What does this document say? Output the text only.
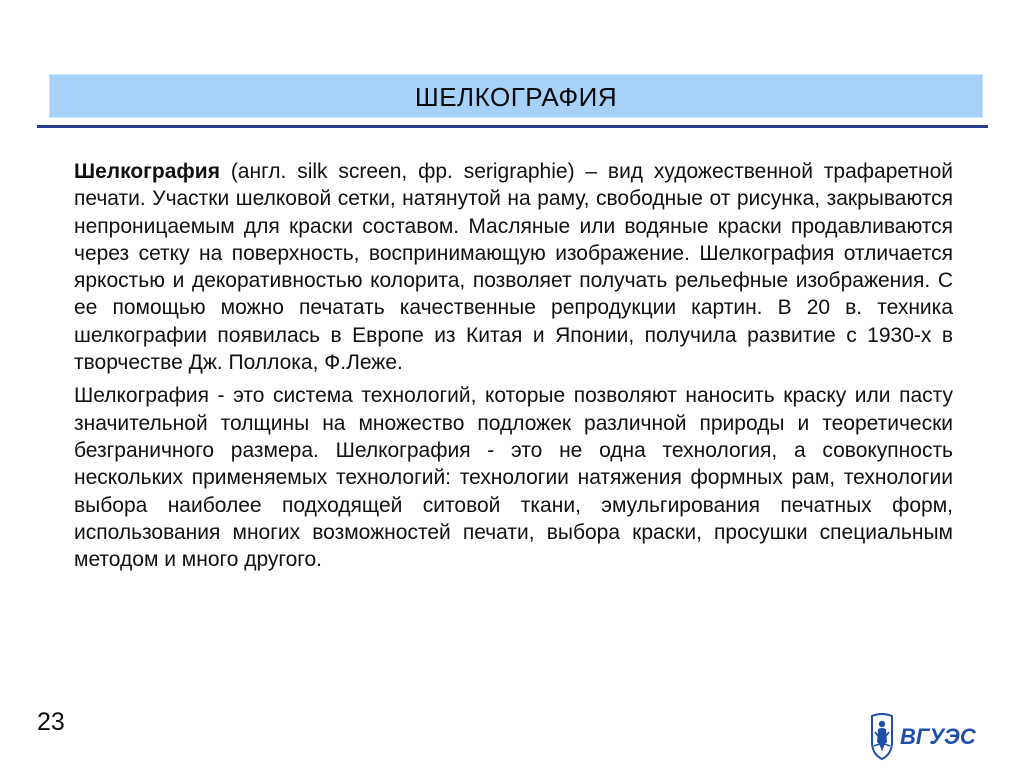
ШЕЛКОГРАФИЯ

Шелкография (англ. silk screen, фр. serigraphie) – вид художественной трафаретной печати. Участки шелковой сетки, натянутой на раму, свободные от рисунка, закрываются непроницаемым для краски составом. Масляные или водяные краски продавливаются через сетку на поверхность, воспринимающую изображение. Шелкография отличается яркостью и декоративностью колорита, позволяет получать рельефные изображения. С ее помощью можно печатать качественные репродукции картин. В 20 в. техника шелкографии появилась в Европе из Китая и Японии, получила развитие с 1930-х в творчестве Дж. Поллока, Ф.Леже.

Шелкография - это система технологий, которые позволяют наносить краску или пасту значительной толщины на множество подложек различной природы и теоретически безграничного размера. Шелкография - это не одна технология, а совокупность нескольких применяемых технологий: технологии натяжения формных рам, технологии выбора наиболее подходящей ситовой ткани, эмульгирования печатных форм, использования многих возможностей печати, выбора краски, просушки специальным методом и много другого.

23
ВГУЭС
